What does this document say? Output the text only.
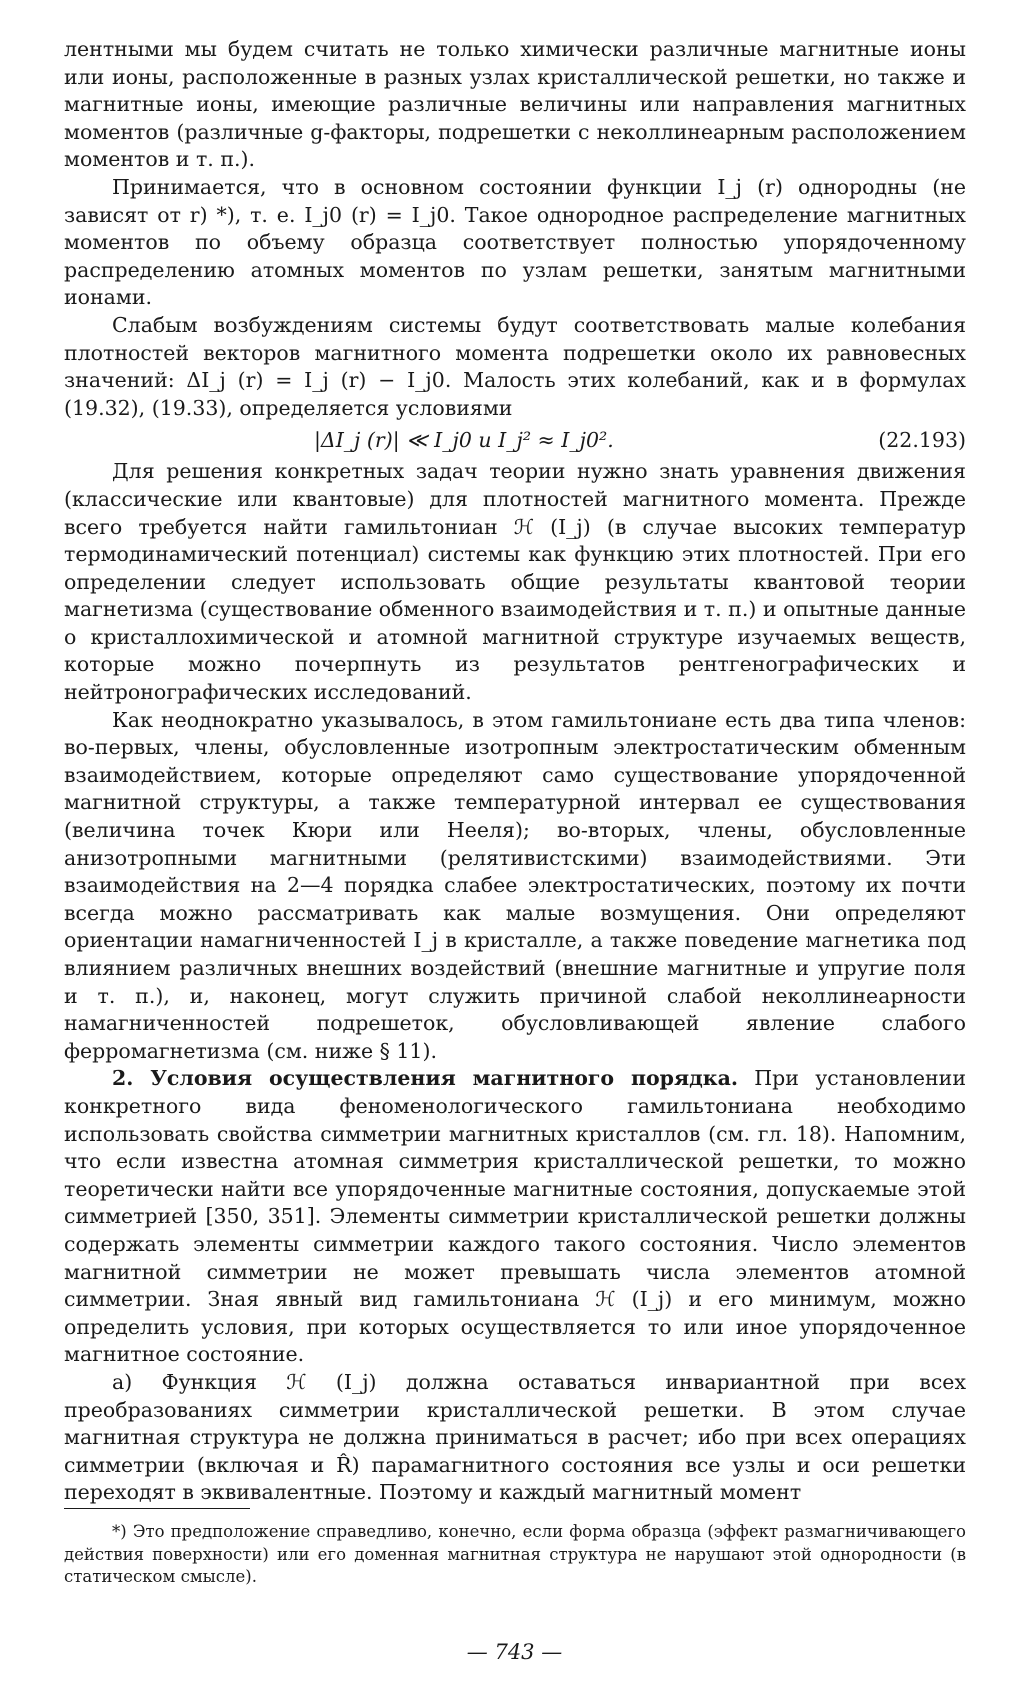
лентными мы будем считать не только химически различные магнитные ионы или ионы, расположенные в разных узлах кристаллической решетки, но также и магнитные ионы, имеющие различные величины или направления магнитных моментов (различные g-факторы, подрешетки с неколлинеарным расположением моментов и т. п.).

Принимается, что в основном состоянии функции I_j (r) однородны (не зависят от r) *), т. е. I_j0 (r) = I_j0. Такое однородное распределение магнитных моментов по объему образца соответствует полностью упорядоченному распределению атомных моментов по узлам решетки, занятым магнитными ионами.

Слабым возбуждениям системы будут соответствовать малые колебания плотностей векторов магнитного момента подрешетки около их равновесных значений: ΔI_j (r) = I_j (r) − I_j0. Малость этих колебаний, как и в формулах (19.32), (19.33), определяется условиями

|ΔI_j (r)| ≪ I_j0 и I_j² ≈ I_j0².	(22.193)

Для решения конкретных задач теории нужно знать уравнения движения (классические или квантовые) для плотностей магнитного момента. Прежде всего требуется найти гамильтониан ℋ (I_j) (в случае высоких температур термодинамический потенциал) системы как функцию этих плотностей. При его определении следует использовать общие результаты квантовой теории магнетизма (существование обменного взаимодействия и т. п.) и опытные данные о кристаллохимической и атомной магнитной структуре изучаемых веществ, которые можно почерпнуть из результатов рентгенографических и нейтронографических исследований.

Как неоднократно указывалось, в этом гамильтониане есть два типа членов: во-первых, члены, обусловленные изотропным электростатическим обменным взаимодействием, которые определяют само существование упорядоченной магнитной структуры, а также температурной интервал ее существования (величина точек Кюри или Нееля); во-вторых, члены, обусловленные анизотропными магнитными (релятивистскими) взаимодействиями. Эти взаимодействия на 2—4 порядка слабее электростатических, поэтому их почти всегда можно рассматривать как малые возмущения. Они определяют ориентации намагниченностей I_j в кристалле, а также поведение магнетика под влиянием различных внешних воздействий (внешние магнитные и упругие поля и т. п.), и, наконец, могут служить причиной слабой неколлинеарности намагниченностей подрешеток, обусловливающей явление слабого ферромагнетизма (см. ниже § 11).

2. Условия осуществления магнитного порядка. При установлении конкретного вида феноменологического гамильтониана необходимо использовать свойства симметрии магнитных кристаллов (см. гл. 18). Напомним, что если известна атомная симметрия кристаллической решетки, то можно теоретически найти все упорядоченные магнитные состояния, допускаемые этой симметрией [350, 351]. Элементы симметрии кристаллической решетки должны содержать элементы симметрии каждого такого состояния. Число элементов магнитной симметрии не может превышать числа элементов атомной симметрии. Зная явный вид гамильтониана ℋ (I_j) и его минимум, можно определить условия, при которых осуществляется то или иное упорядоченное магнитное состояние.

а) Функция ℋ (I_j) должна оставаться инвариантной при всех преобразованиях симметрии кристаллической решетки. В этом случае магнитная структура не должна приниматься в расчет; ибо при всех операциях симметрии (включая и R̂) парамагнитного состояния все узлы и оси решетки переходят в эквивалентные. Поэтому и каждый магнитный момент

*) Это предположение справедливо, конечно, если форма образца (эффект размагничивающего действия поверхности) или его доменная магнитная структура не нарушают этой однородности (в статическом смысле).

— 743 —
